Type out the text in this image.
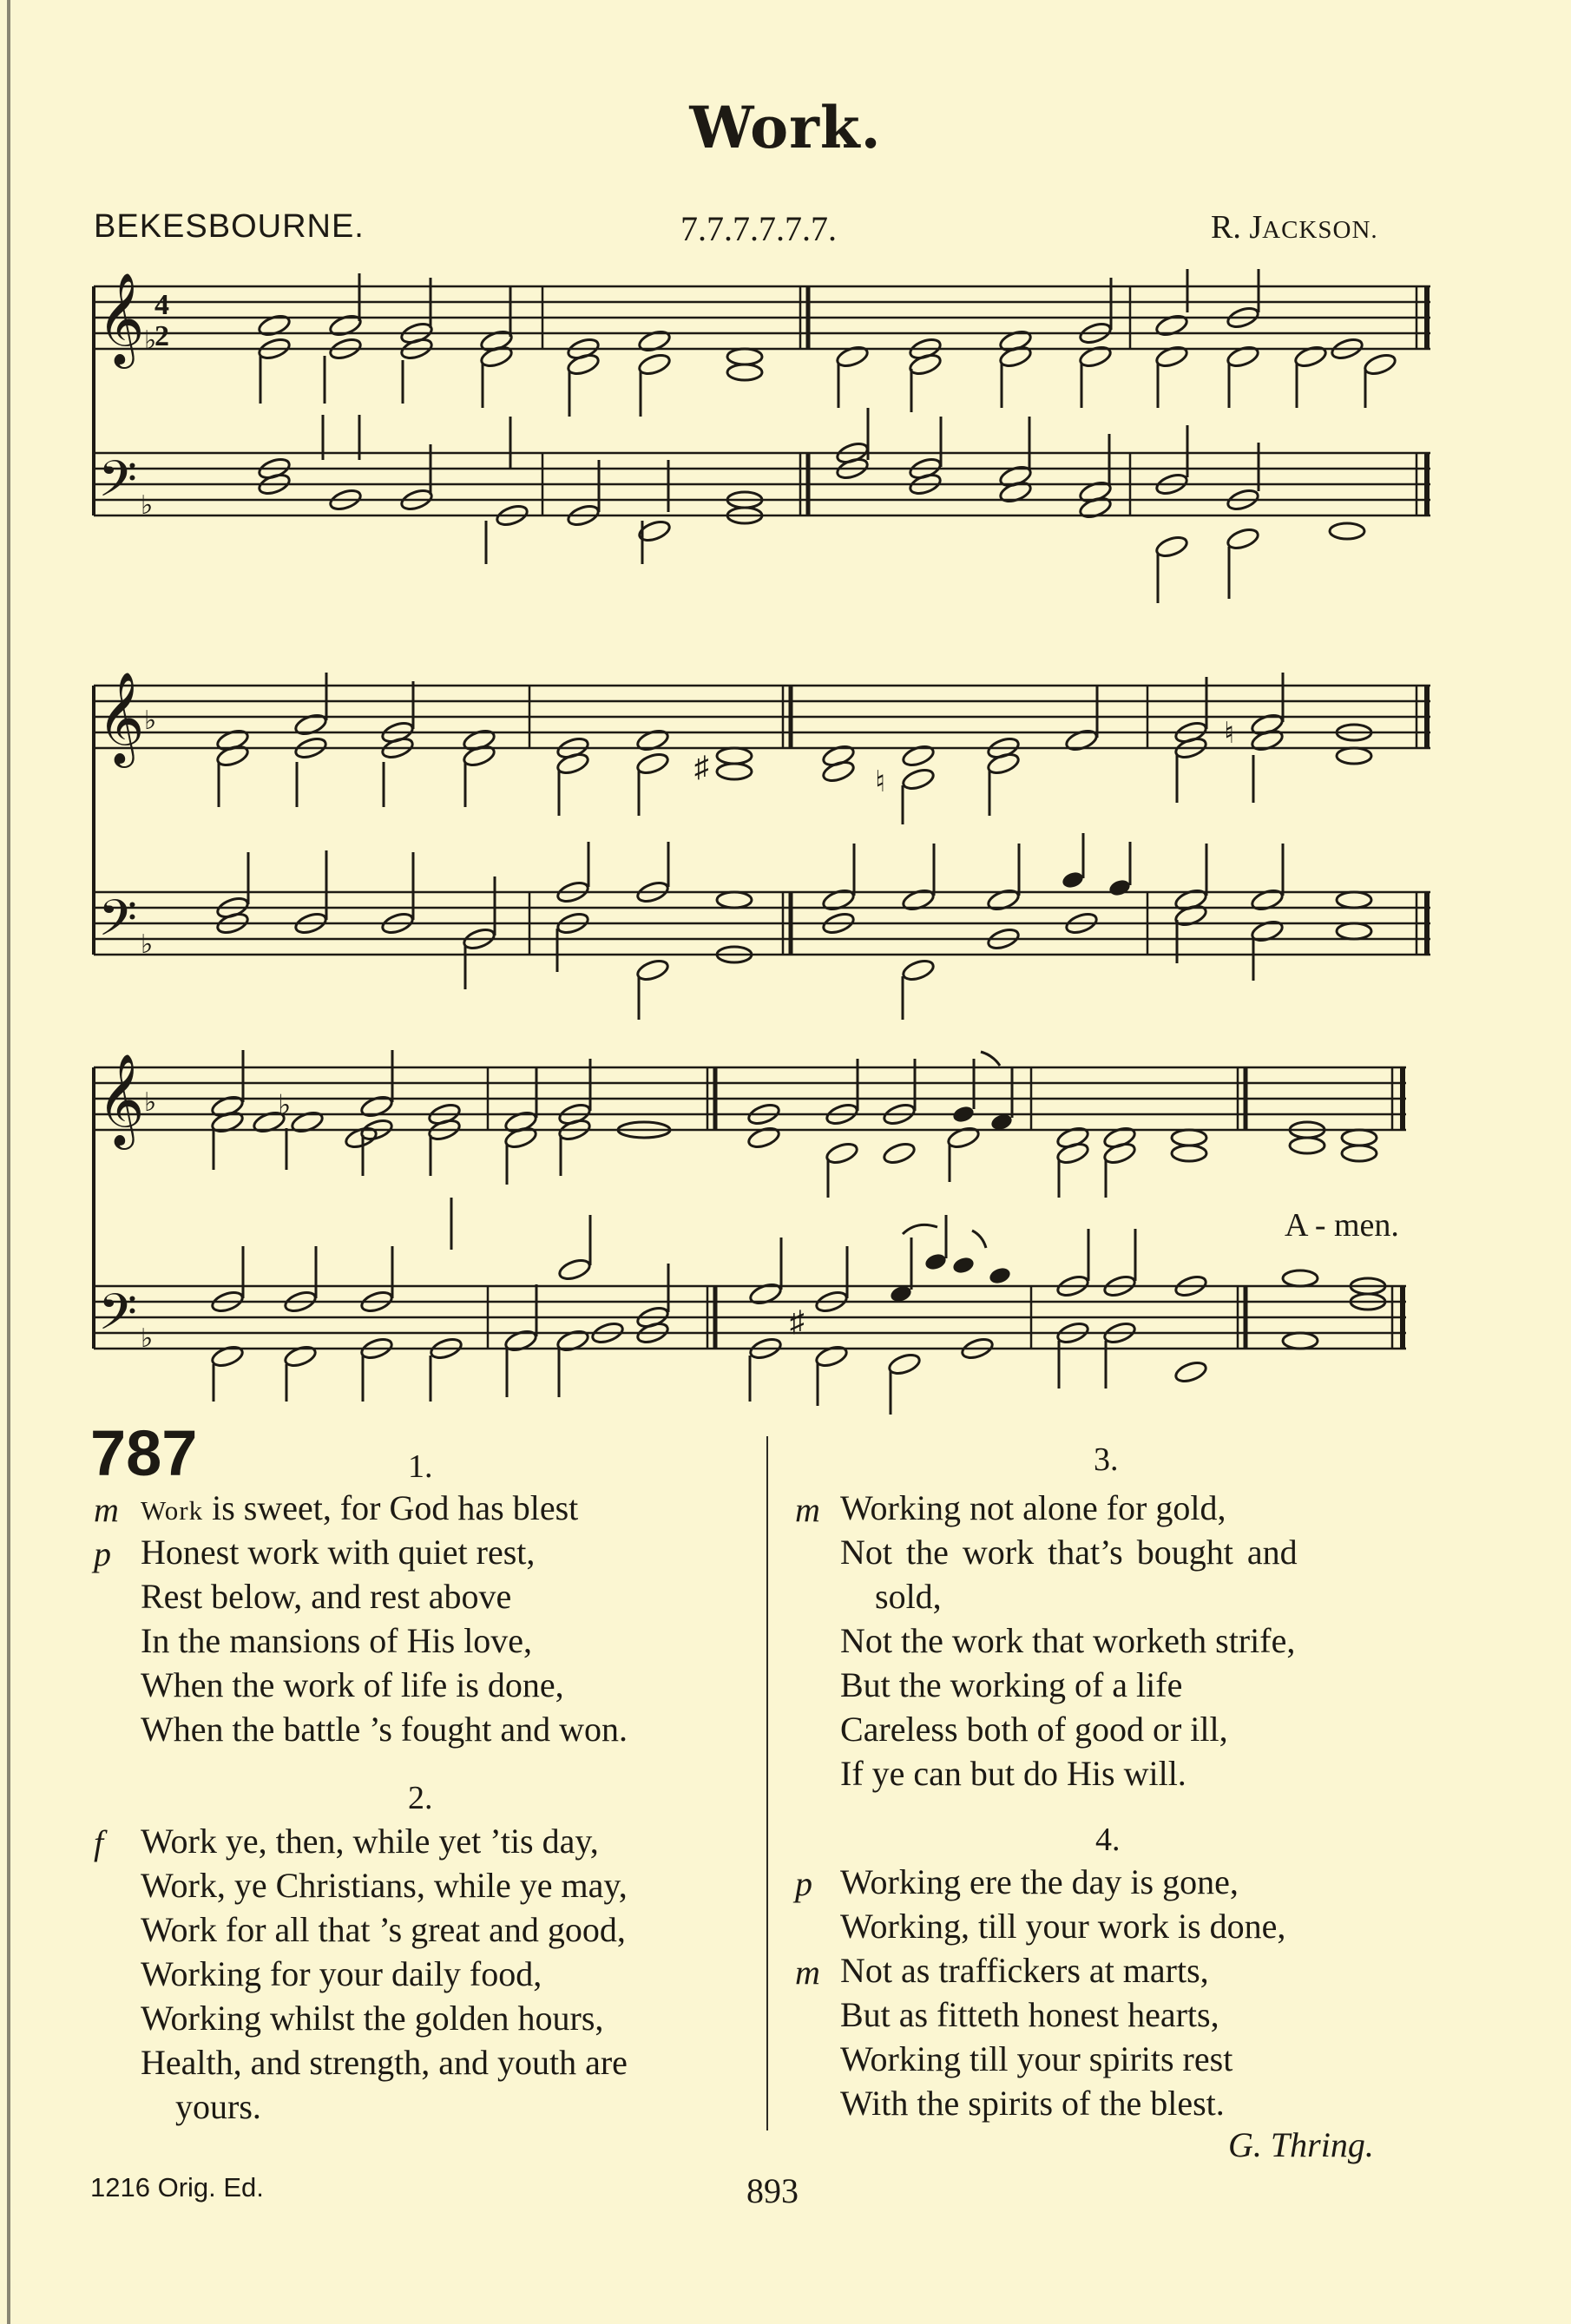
Work.
BEKESBOURNE.	7.7.7.7.7.7.	R. JACKSON.
𝄞
𝄢
4
2
♭
♭
𝄞
𝄢
♭
♭
♯	♮
♮
𝄞
𝄢
♭
♭
♭
♯
A - men.
787	1.
m Work is sweet, for God has blest
p Honest work with quiet rest,
Rest below, and rest above
In the mansions of His love,
When the work of life is done,
When the battle ’s fought and won.
2.
f Work ye, then, while yet ’tis day,
Work, ye Christians, while ye may,
Work for all that ’s great and good,
Working for your daily food,
Working whilst the golden hours,
Health, and strength, and youth are
yours.
3.
m Working not alone for gold,
Not the work that’s bought and
sold,
Not the work that worketh strife,
But the working of a life
Careless both of good or ill,
If ye can but do His will.
4.
p Working ere the day is gone,
Working, till your work is done,
m Not as traffickers at marts,
But as fitteth honest hearts,
Working till your spirits rest
With the spirits of the blest.
G. Thring.
1216 Orig. Ed.	893
